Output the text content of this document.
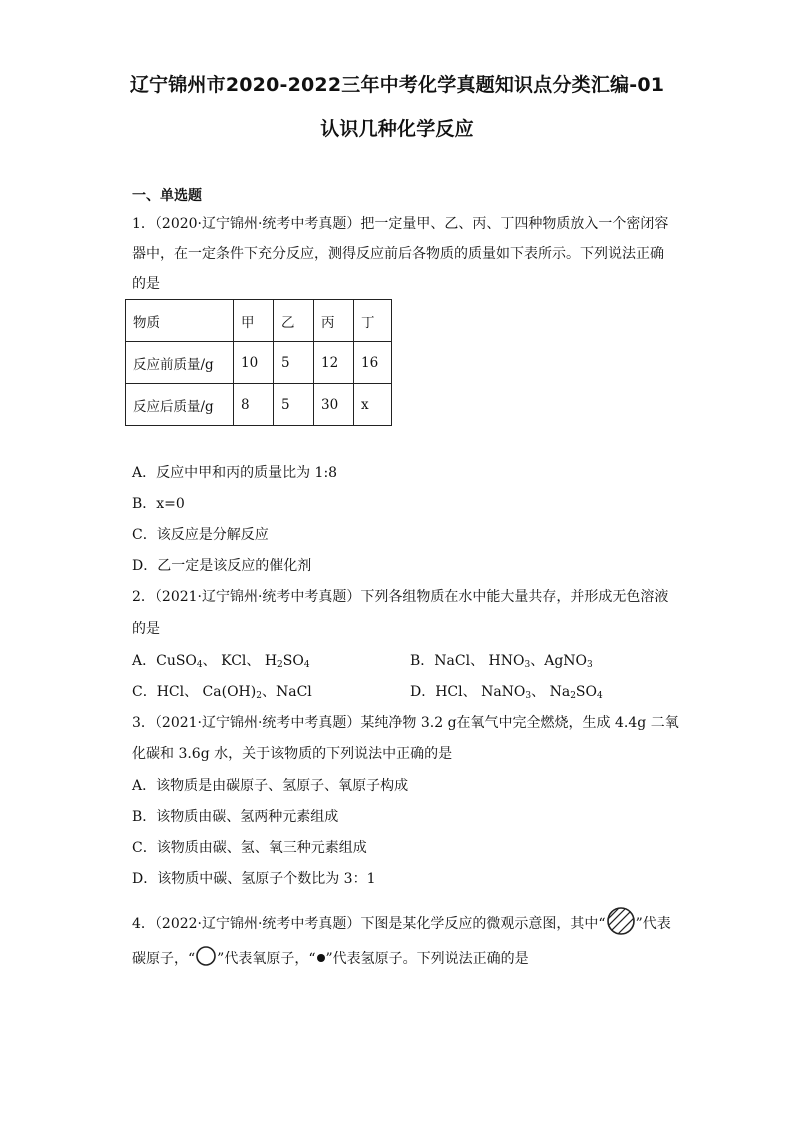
辽宁锦州市2020-2022三年中考化学真题知识点分类汇编-01
认识几种化学反应
一、单选题
1．（2020·辽宁锦州·统考中考真题）把一定量甲、乙、丙、丁四种物质放入一个密闭容
器中，在一定条件下充分反应，测得反应前后各物质的质量如下表所示。下列说法正确
的是
物质	甲	乙	丙	丁
反应前质量/g	10	5	12	16
反应后质量/g	8	5	30	x
A．反应中甲和丙的质量比为 1:8
B．x=0
C．该反应是分解反应
D．乙一定是该反应的催化剂
2．（2021·辽宁锦州·统考中考真题）下列各组物质在水中能大量共存，并形成无色溶液
的是
A．CuSO$_4$、 KCl、 $H_2SO_4$	B．NaCl、 $HNO_3$、AgNO$_3$
C．HCl、 $Ca(OH)_2$、NaCl	D．HCl、 NaNO$_3$、 $Na_2SO_4$
3．（2021·辽宁锦州·统考中考真题）某纯净物 3.2 g在氧气中完全燃烧，生成 4.4g 二氧
化碳和 3.6g 水，关于该物质的下列说法中正确的是
A．该物质是由碳原子、氢原子、氧原子构成
B．该物质由碳、氢两种元素组成
C．该物质由碳、氢、氧三种元素组成
D．该物质中碳、氢原子个数比为 3：1
4．（2022·辽宁锦州·统考中考真题）下图是某化学反应的微观示意图，其中“ ”代表
碳原子，“ ”代表氧原子，“ ”代表氢原子。下列说法正确的是
